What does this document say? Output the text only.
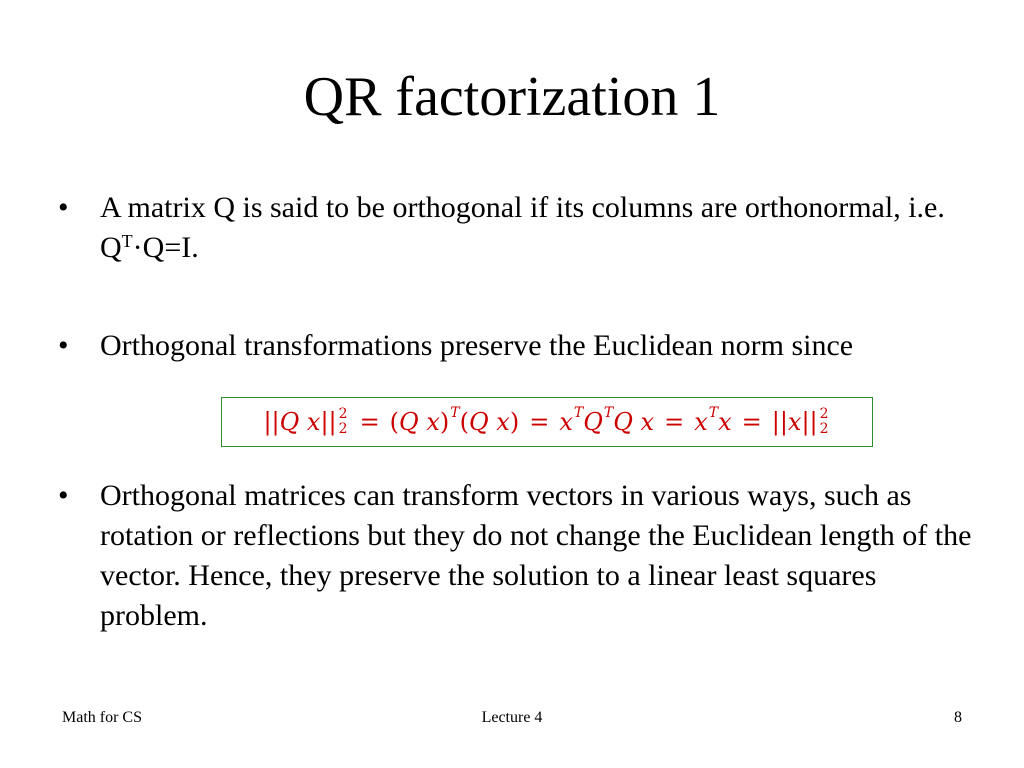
QR factorization 1
•	A matrix Q is said to be orthogonal if its columns are orthonormal, i.e. $Q^T\cdot Q=I$.
•	Orthogonal transformations preserve the Euclidean norm since
|| Q x || 2
2 = ( Q x ) T ( Q x ) = x T Q T Q x = x T x = || x || 2
2
•	Orthogonal matrices can transform vectors in various ways, such as rotation or reflections but they do not change the Euclidean length of the vector. Hence, they preserve the solution to a linear least squares problem.
Math for CS	Lecture 4	8
